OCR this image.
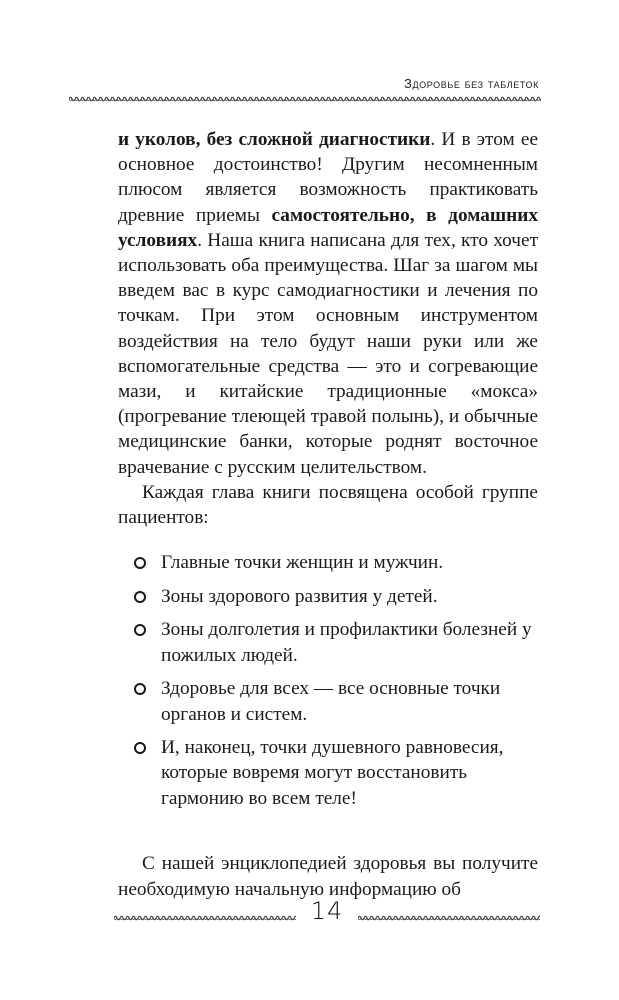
Здоровье без таблеток

и уколов, без сложной диагностики. И в этом ее основное достоинство! Другим несомненным плюсом является возможность практиковать древние приемы самостоятельно, в домашних условиях. Наша книга написана для тех, кто хочет использовать оба преимущества. Шаг за шагом мы введем вас в курс самодиагностики и лечения по точкам. При этом основным инструментом воздействия на тело будут наши руки или же вспомогательные средства — это и согревающие мази, и китайские традиционные «мокса» (прогревание тлеющей травой полынь), и обычные медицинские банки, которые роднят восточное врачевание с русским целительством.

Каждая глава книги посвящена особой группе пациентов:

Главные точки женщин и мужчин.
Зоны здорового развития у детей.
Зоны долголетия и профилактики болезней у пожилых людей.
Здоровье для всех — все основные точки органов и систем.
И, наконец, точки душевного равновесия, которые вовремя могут восстановить гармонию во всем теле!

С нашей энциклопедией здоровья вы получите необходимую начальную информацию об

14
